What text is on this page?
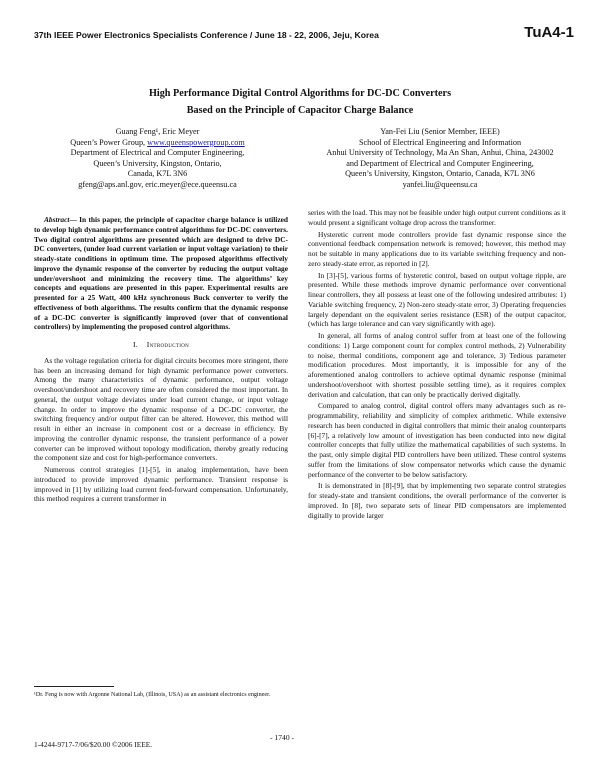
37th IEEE Power Electronics Specialists Conference / June 18 - 22, 2006, Jeju, Korea	TuA4-1
High Performance Digital Control Algorithms for DC-DC Converters
Based on the Principle of Capacitor Charge Balance
Guang Feng¹, Eric Meyer
Queen’s Power Group, www.queenspowergroup.com
Department of Electrical and Computer Engineering,
Queen’s University, Kingston, Ontario,
Canada, K7L 3N6
gfeng@aps.anl.gov, eric.meyer@ece.queensu.ca
Yan-Fei Liu (Senior Member, IEEE)
School of Electrical Engineering and Information
Anhui University of Technology, Ma An Shan, Anhui, China, 243002
and Department of Electrical and Computer Engineering,
Queen’s University, Kingston, Ontario, Canada, K7L 3N6
yanfei.liu@queensu.ca

Abstract— In this paper, the principle of capacitor charge balance is utilized to develop high dynamic performance control algorithms for DC-DC converters. Two digital control algorithms are presented which are designed to drive DC-DC converters, (under load current variation or input voltage variation) to their steady-state conditions in optimum time. The proposed algorithms effectively improve the dynamic response of the converter by reducing the output voltage under/overshoot and minimizing the recovery time. The algorithms’ key concepts and equations are presented in this paper. Experimental results are presented for a 25 Watt, 400 kHz synchronous Buck converter to verify the effectiveness of both algorithms. The results confirm that the dynamic response of a DC-DC converter is significantly improved (over that of conventional controllers) by implementing the proposed control algorithms.

I. Introduction

As the voltage regulation criteria for digital circuits becomes more stringent, there has been an increasing demand for high dynamic performance power converters. Among the many characteristics of dynamic performance, output voltage overshoot/undershoot and recovery time are often considered the most important. In general, the output voltage deviates under load current change, or input voltage change. In order to improve the dynamic response of a DC-DC converter, the switching frequency and/or output filter can be altered. However, this method will result in either an increase in component cost or a decrease in efficiency. By improving the controller dynamic response, the transient performance of a power converter can be improved without topology modification, thereby greatly reducing the component size and cost for high-performance converters.

Numerous control strategies [1]-[5], in analog implementation, have been introduced to provide improved dynamic performance. Transient response is improved in [1] by utilizing load current feed-forward compensation. Unfortunately, this method requires a current transformer in

series with the load. This may not be feasible under high output current conditions as it would present a significant voltage drop across the transformer.

Hysteretic current mode controllers provide fast dynamic response since the conventional feedback compensation network is removed; however, this method may not be suitable in many applications due to its variable switching frequency and non-zero steady-state error, as reported in [2].

In [3]-[5], various forms of hysteretic control, based on output voltage ripple, are presented. While these methods improve dynamic performance over conventional linear controllers, they all possess at least one of the following undesired attributes: 1) Variable switching frequency, 2) Non-zero steady-state error, 3) Operating frequencies largely dependant on the equivalent series resistance (ESR) of the output capacitor, (which has large tolerance and can vary significantly with age).

In general, all forms of analog control suffer from at least one of the following conditions: 1) Large component count for complex control methods, 2) Vulnerability to noise, thermal conditions, component age and tolerance, 3) Tedious parameter modification procedures. Most importantly, it is impossible for any of the aforementioned analog controllers to achieve optimal dynamic response (minimal undershoot/overshoot with shortest possible settling time), as it requires complex derivation and calculation, that can only be practically derived digitally.

Compared to analog control, digital control offers many advantages such as re-programmability, reliability and simplicity of complex arithmetic. While extensive research has been conducted in digital controllers that mimic their analog counterparts [6]-[7], a relatively low amount of investigation has been conducted into new digital controller concepts that fully utilize the mathematical capabilities of such systems. In the past, only simple digital PID controllers have been utilized. These control systems suffer from the limitations of slow compensator networks which cause the dynamic performance of the converter to be below satisfactory.

It is demonstrated in [8]-[9], that by implementing two separate control strategies for steady-state and transient conditions, the overall performance of the converter is improved. In [8], two separate sets of linear PID compensators are implemented digitally to provide larger

¹Dr. Feng is now with Argonne National Lab, (Illinois, USA) as an assistant electronics engineer.
1-4244-9717-7/06/$20.00 ©2006 IEEE.
- 1740 -
